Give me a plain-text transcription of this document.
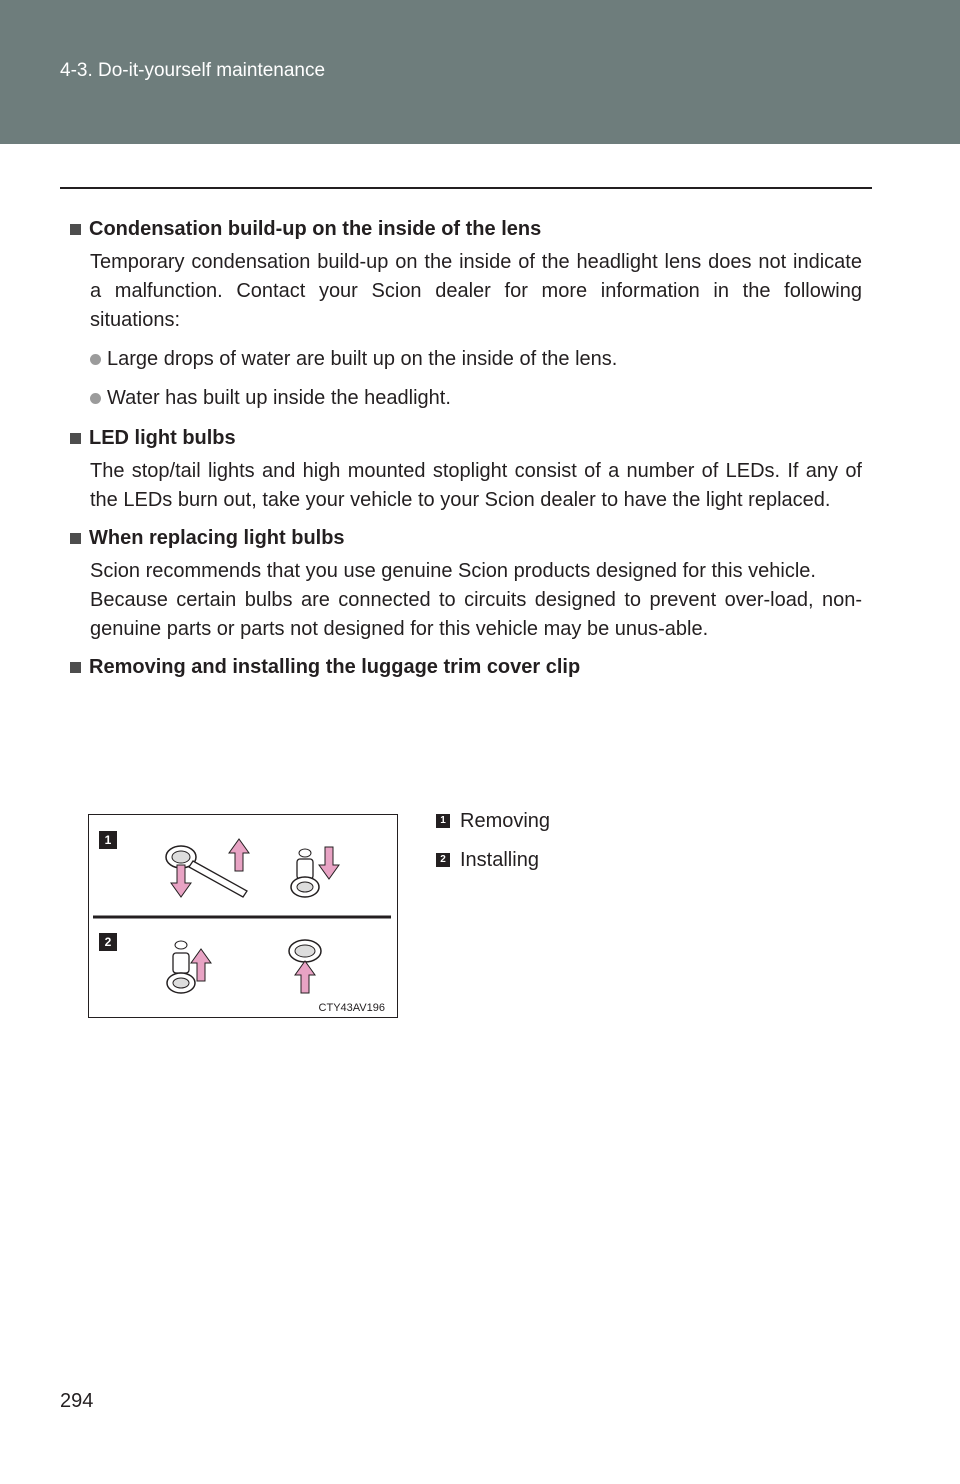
4-3. Do-it-yourself maintenance
Condensation build-up on the inside of the lens

Temporary condensation build-up on the inside of the headlight lens does not indicate a malfunction. Contact your Scion dealer for more information in the following situations:

Large drops of water are built up on the inside of the lens.
Water has built up inside the headlight.
LED light bulbs

The stop/tail lights and high mounted stoplight consist of a number of LEDs. If any of the LEDs burn out, take your vehicle to your Scion dealer to have the light replaced.

When replacing light bulbs

Scion recommends that you use genuine Scion products designed for this vehicle.

Because certain bulbs are connected to circuits designed to prevent over-load, non-genuine parts or parts not designed for this vehicle may be unus-able.

Removing and installing the luggage trim cover clip
1
2
CTY43AV196
1 Removing
2 Installing
294
